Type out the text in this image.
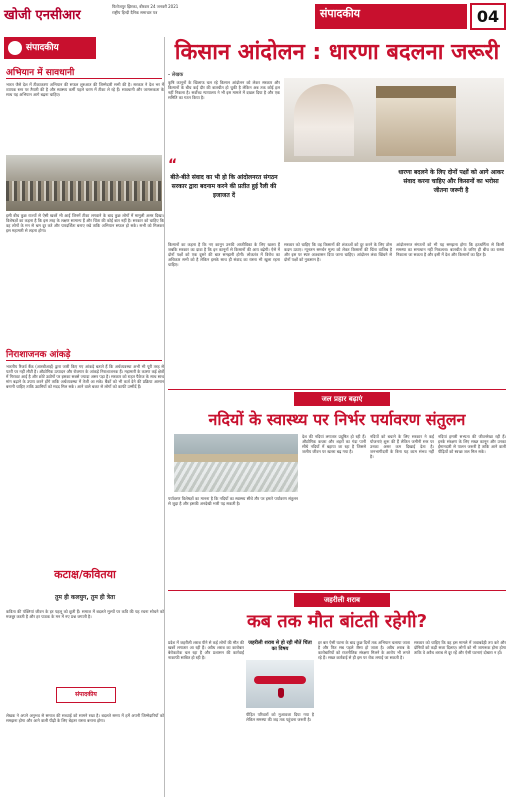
खोजी एनसीआर
फिरोजपुर झिरका, बीरवार 24 जनवरी 2021
राष्ट्रीय हिन्दी दैनिक समाचार पत्र	संपादकीय	04
संपादकीय
अभियान में सावधानी
भारत जैसे देश में टीकाकरण अभियान की सफल शुरुआत की जिम्मेदारी सभी की है। सरकार ने देश भर में व्यापक स्तर पर तैयारी की है और स्वास्थ्य कर्मी पहले चरण में टीका ले रहे हैं। सावधानी और जागरूकता के साथ यह अभियान आगे बढ़ना चाहिए।
इसी बीच कुछ राज्यों से ऐसी खबरें भी आईं जिनमें टीका लगवाने के बाद कुछ लोगों में मामूली असर दिखा। विशेषज्ञों का कहना है कि इस तरह के लक्षण सामान्य हैं और चिंता की कोई बात नहीं है। सरकार को चाहिए कि वह लोगों के मन से भ्रम दूर करे और पारदर्शिता बनाए रखे ताकि अभियान सफल हो सके। सभी को मिलकर इस महामारी से लड़ना होगा।
निराशाजनक आंकड़े
भारतीय रिजर्व बैंक (आरबीआई) द्वारा जारी किए गए आंकड़े बताते हैं कि अर्थव्यवस्था अभी भी पूरी तरह से पटरी पर नहीं लौटी है। औद्योगिक उत्पादन और रोजगार के आंकड़े निराशाजनक हैं। महामारी के कारण कई क्षेत्रों में गिरावट आई है और छोटे उद्योगों पर इसका सबसे ज्यादा असर पड़ा है। सरकार को राहत पैकेज के साथ साथ मांग बढ़ाने के उपाय करने होंगे ताकि अर्थव्यवस्था में तेजी आ सके। बैंकों को भी कर्ज देने की प्रक्रिया आसान बनानी चाहिए ताकि उद्यमियों को मदद मिल सके। आने वाले बजट से लोगों को काफी उम्मीदें हैं।
कटाक्ष/कवितया
तुम ही कलयुग, तुम ही त्रेता
कविता की पंक्तियां जीवन के हर पहलू को छूती हैं। समाज में बदलते मूल्यों पर कवि की यह रचना सोचने को मजबूर करती है और हर पाठक के मन में नए प्रश्न जगाती है।
संपादकीय
लेखक ने अपने अनुभव से समाज की सच्चाई को सामने रखा है। बदलते समय में हमें अपनी जिम्मेदारियों को समझना होगा और आने वाली पीढ़ी के लिए बेहतर रास्ता बनाना होगा।
किसान आंदोलन : धारणा बदलना जरूरी
- लेखक
कृषि कानूनों के खिलाफ चल रहे किसान आंदोलन को लेकर सरकार और किसानों के बीच कई दौर की बातचीत हो चुकी है लेकिन अब तक कोई हल नहीं निकला है। सर्वोच्च न्यायालय ने भी इस मामले में दखल दिया है और एक समिति का गठन किया है।
“
बीते-बीते संवाद का भी हो कि आंदोलनरत संगठन सरकार द्वारा बदनाम करने की प्रतीत हुई रैली की इजाजत दें
धारणा बदलने के लिए दोनों पक्षों को आगे आकर संवाद करना चाहिए और किसानों का भरोसा जीतना जरूरी है
किसानों का कहना है कि नए कानून उनकी आजीविका के लिए खतरा हैं जबकि सरकार का दावा है कि इन कानूनों से किसानों की आय बढ़ेगी। ऐसे में दोनों पक्षों को एक दूसरे की बात समझनी होगी। लोकतंत्र में विरोध का अधिकार सभी को है लेकिन इसके साथ ही संवाद का रास्ता भी खुला रहना चाहिए।
सरकार को चाहिए कि वह किसानों की शंकाओं को दूर करने के लिए ठोस कदम उठाए। न्यूनतम समर्थन मूल्य को लेकर किसानों की चिंता वाजिब है और इस पर स्पष्ट आश्वासन दिया जाना चाहिए। आंदोलन लंबा खिंचने से दोनों पक्षों को नुकसान है।
आंदोलनरत संगठनों को भी यह समझना होगा कि हठधर्मिता से किसी समस्या का समाधान नहीं निकलता। बातचीत के जरिए ही बीच का रास्ता निकाला जा सकता है और इसी में देश और किसानों का हित है।
जल प्रहार बढ़ाएं
नदियों के स्वास्थ्य पर निर्भर पर्यावरण संतुलन
देश की नदियां लगातार प्रदूषित हो रही हैं। औद्योगिक कचरा और शहरों का गंदा पानी सीधे नदियों में बहाया जा रहा है जिससे जलीय जीवन पर खतरा बढ़ गया है।
नदियों को बचाने के लिए सरकार ने कई योजनाएं शुरू की हैं लेकिन जमीनी स्तर पर उनका असर कम दिखाई देता है। जनभागीदारी के बिना यह काम संभव नहीं है।
नदियां हमारी सभ्यता की जीवनरेखा रही हैं। इनके संरक्षण के लिए सख्त कानून और उनका ईमानदारी से पालन जरूरी है ताकि आने वाली पीढ़ियों को स्वच्छ जल मिल सके।
पर्यावरण विशेषज्ञों का मानना है कि नदियों का स्वास्थ्य सीधे तौर पर हमारे पर्यावरण संतुलन से जुड़ा है और इसकी अनदेखी भारी पड़ सकती है।
जहरीली शराब
कब तक मौत बांटती रहेगी?
जहरीली शराब से हो रही मौतें चिंता का विषय
प्रदेश में जहरीली शराब पीने से कई लोगों की मौत की खबरें लगातार आ रही हैं। अवैध शराब का कारोबार बेरोकटोक चल रहा है और प्रशासन की कार्रवाई नाकाफी साबित हो रही है।
पीड़ित परिवारों को मुआवजा दिया गया है लेकिन समस्या की जड़ तक पहुंचना जरूरी है।
हर बार ऐसी घटना के बाद कुछ दिनों तक अभियान चलाया जाता है और फिर सब पहले जैसा हो जाता है। अवैध शराब के कारोबारियों को राजनीतिक संरक्षण मिलने के आरोप भी लगते रहे हैं। सख्त कार्रवाई से ही इस पर रोक लगाई जा सकती है।
सरकार को चाहिए कि वह इस मामले में जवाबदेही तय करे और दोषियों को कड़ी सजा दिलाए। लोगों को भी जागरूक होना होगा ताकि वे अवैध शराब से दूर रहें और ऐसी घटनाएं दोबारा न हों।
